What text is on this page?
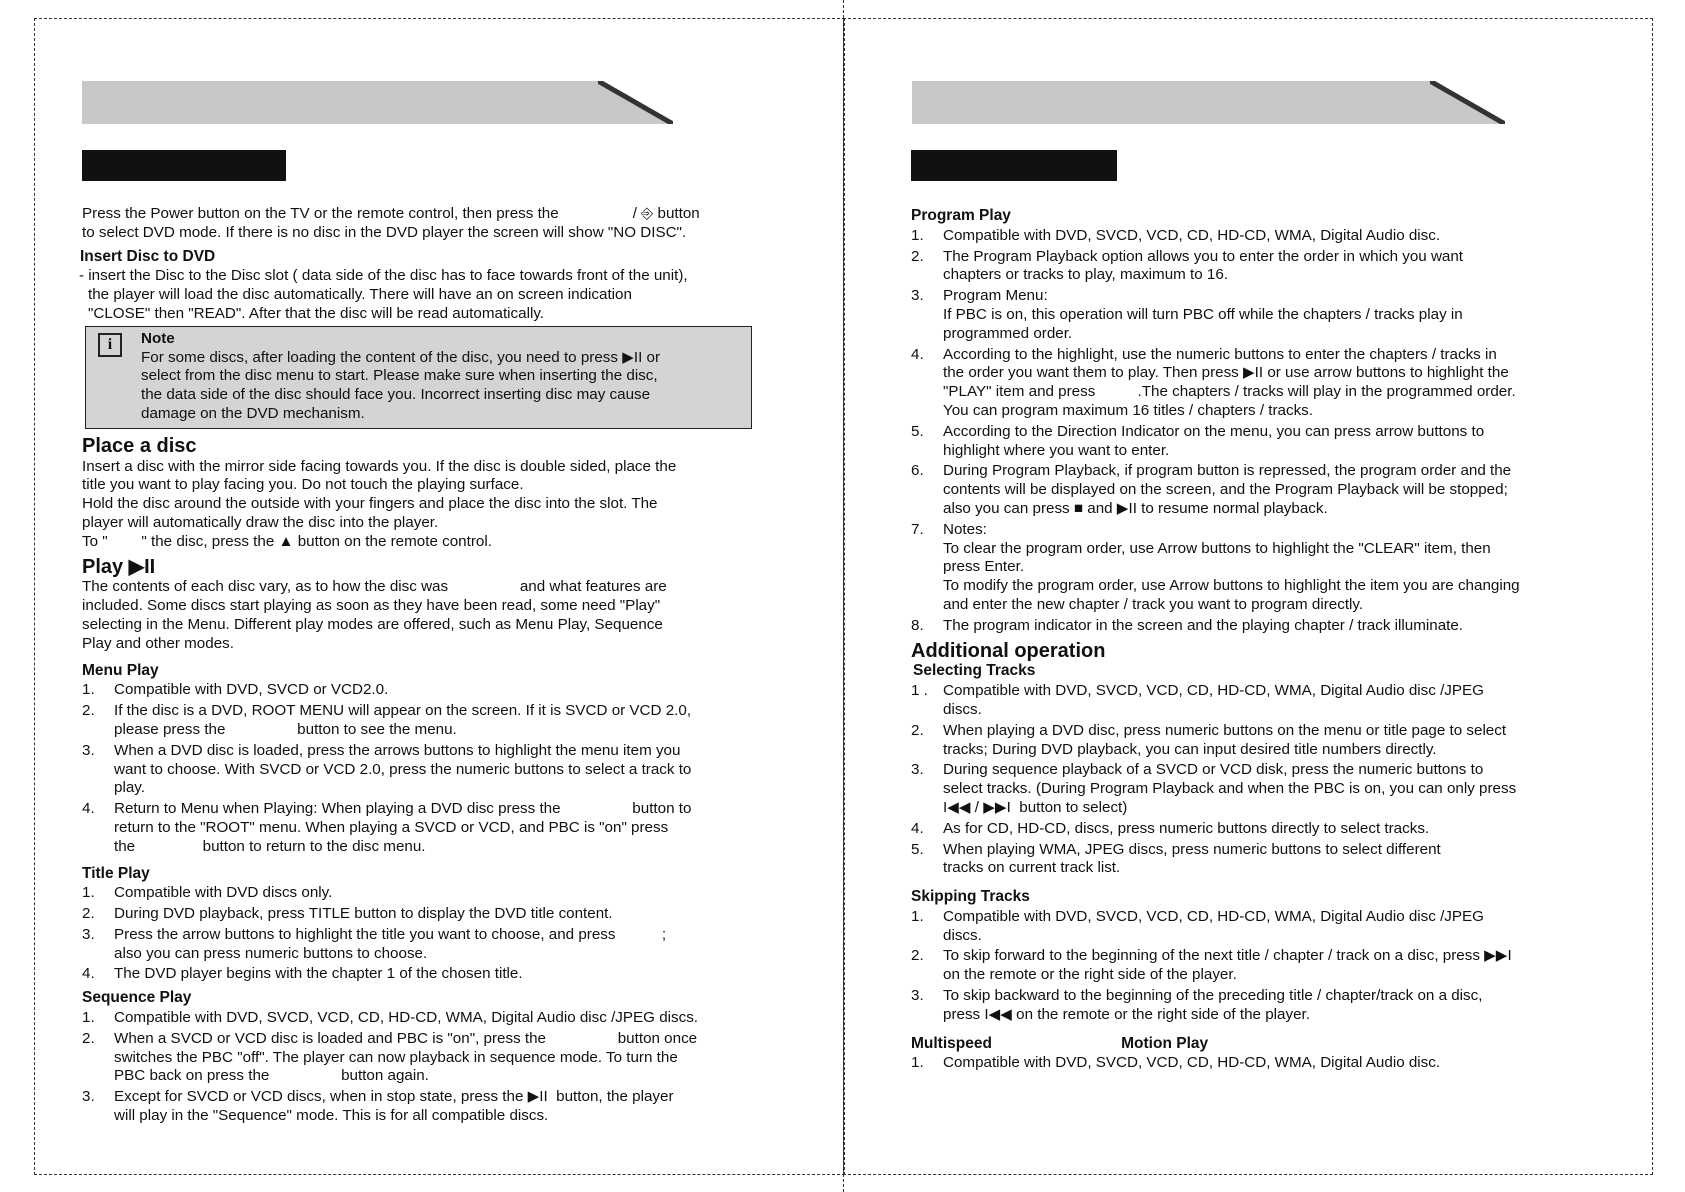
Press the Power button on the TV or the remote control, then press the	/ ⎆ button

to select DVD mode. If there is no disc in the DVD player the screen will show "NO DISC".

Insert Disc to DVD

- insert the Disc to the Disc slot ( data side of the disc has to face towards front of the unit),

the player will load the disc automatically. There will have an on screen indication

"CLOSE" then "READ". After that the disc will be read automatically.

i	Note

For some discs, after loading the content of the disc, you need to press ▶II or

select from the disc menu to start. Please make sure when inserting the disc,

the data side of the disc should face you. Incorrect inserting disc may cause

damage on the DVD mechanism.

Place a disc

Insert a disc with the mirror side facing towards you. If the disc is double sided, place the

title you want to play facing you. Do not touch the playing surface.

Hold the disc around the outside with your fingers and place the disc into the slot. The

player will automatically draw the disc into the player.

To "        " the disc, press the ▲ button on the remote control.

Play ▶II

The contents of each disc vary, as to how the disc was                 and what features are

included. Some discs start playing as soon as they have been read, some need "Play"

selecting in the Menu. Different play modes are offered, such as Menu Play, Sequence

Play and other modes.

Menu Play
1. Compatible with DVD, SVCD or VCD2.0.
2. If the disc is a DVD, ROOT MENU will appear on the screen. If it is SVCD or VCD 2.0,
please press the                 button to see the menu.
3. When a DVD disc is loaded, press the arrows buttons to highlight the menu item you
want to choose. With SVCD or VCD 2.0, press the numeric buttons to select a track to
play.
4. Return to Menu when Playing: When playing a DVD disc press the                 button to
return to the "ROOT" menu. When playing a SVCD or VCD, and PBC is "on" press
the                button to return to the disc menu.
Title Play
1. Compatible with DVD discs only.
2. During DVD playback, press TITLE button to display the DVD title content.
3. Press the arrow buttons to highlight the title you want to choose, and press           ;
also you can press numeric buttons to choose.
4. The DVD player begins with the chapter 1 of the chosen title.
Sequence Play
1. Compatible with DVD, SVCD, VCD, CD, HD-CD, WMA, Digital Audio disc /JPEG discs.
2. When a SVCD or VCD disc is loaded and PBC is "on", press the                 button once
switches the PBC "off". The player can now playback in sequence mode. To turn the
PBC back on press the                 button again.
3. Except for SVCD or VCD discs, when in stop state, press the ▶II  button, the player
will play in the "Sequence" mode. This is for all compatible discs.
Program Play
1. Compatible with DVD, SVCD, VCD, CD, HD-CD, WMA, Digital Audio disc.
2. The Program Playback option allows you to enter the order in which you want
chapters or tracks to play, maximum to 16.
3. Program Menu:
If PBC is on, this operation will turn PBC off while the chapters / tracks play in
programmed order.
4. According to the highlight, use the numeric buttons to enter the chapters / tracks in
the order you want them to play. Then press ▶II or use arrow buttons to highlight the
"PLAY" item and press          .The chapters / tracks will play in the programmed order.
You can program maximum 16 titles / chapters / tracks.
5. According to the Direction Indicator on the menu, you can press arrow buttons to
highlight where you want to enter.
6. During Program Playback, if program button is repressed, the program order and the
contents will be displayed on the screen, and the Program Playback will be stopped;
also you can press ■ and ▶II to resume normal playback.
7. Notes:
To clear the program order, use Arrow buttons to highlight the "CLEAR" item, then
press Enter.
To modify the program order, use Arrow buttons to highlight the item you are changing
and enter the new chapter / track you want to program directly.
8. The program indicator in the screen and the playing chapter / track illuminate.
Additional operation
Selecting Tracks
1 . Compatible with DVD, SVCD, VCD, CD, HD-CD, WMA, Digital Audio disc /JPEG
discs.
2. When playing a DVD disc, press numeric buttons on the menu or title page to select
tracks; During DVD playback, you can input desired title numbers directly.
3. During sequence playback of a SVCD or VCD disk, press the numeric buttons to
select tracks. (During Program Playback and when the PBC is on, you can only press
I◀◀ / ▶▶I  button to select)
4. As for CD, HD-CD, discs, press numeric buttons directly to select tracks.
5. When playing WMA, JPEG discs, press numeric buttons to select different
tracks on current track list.
Skipping Tracks
1. Compatible with DVD, SVCD, VCD, CD, HD-CD, WMA, Digital Audio disc /JPEG
discs.
2. To skip forward to the beginning of the next title / chapter / track on a disc, press ▶▶I
on the remote or the right side of the player.
3. To skip backward to the beginning of the preceding title / chapter/track on a disc,
press I◀◀ on the remote or the right side of the player.
Multispeed                              Motion Play
1. Compatible with DVD, SVCD, VCD, CD, HD-CD, WMA, Digital Audio disc.
